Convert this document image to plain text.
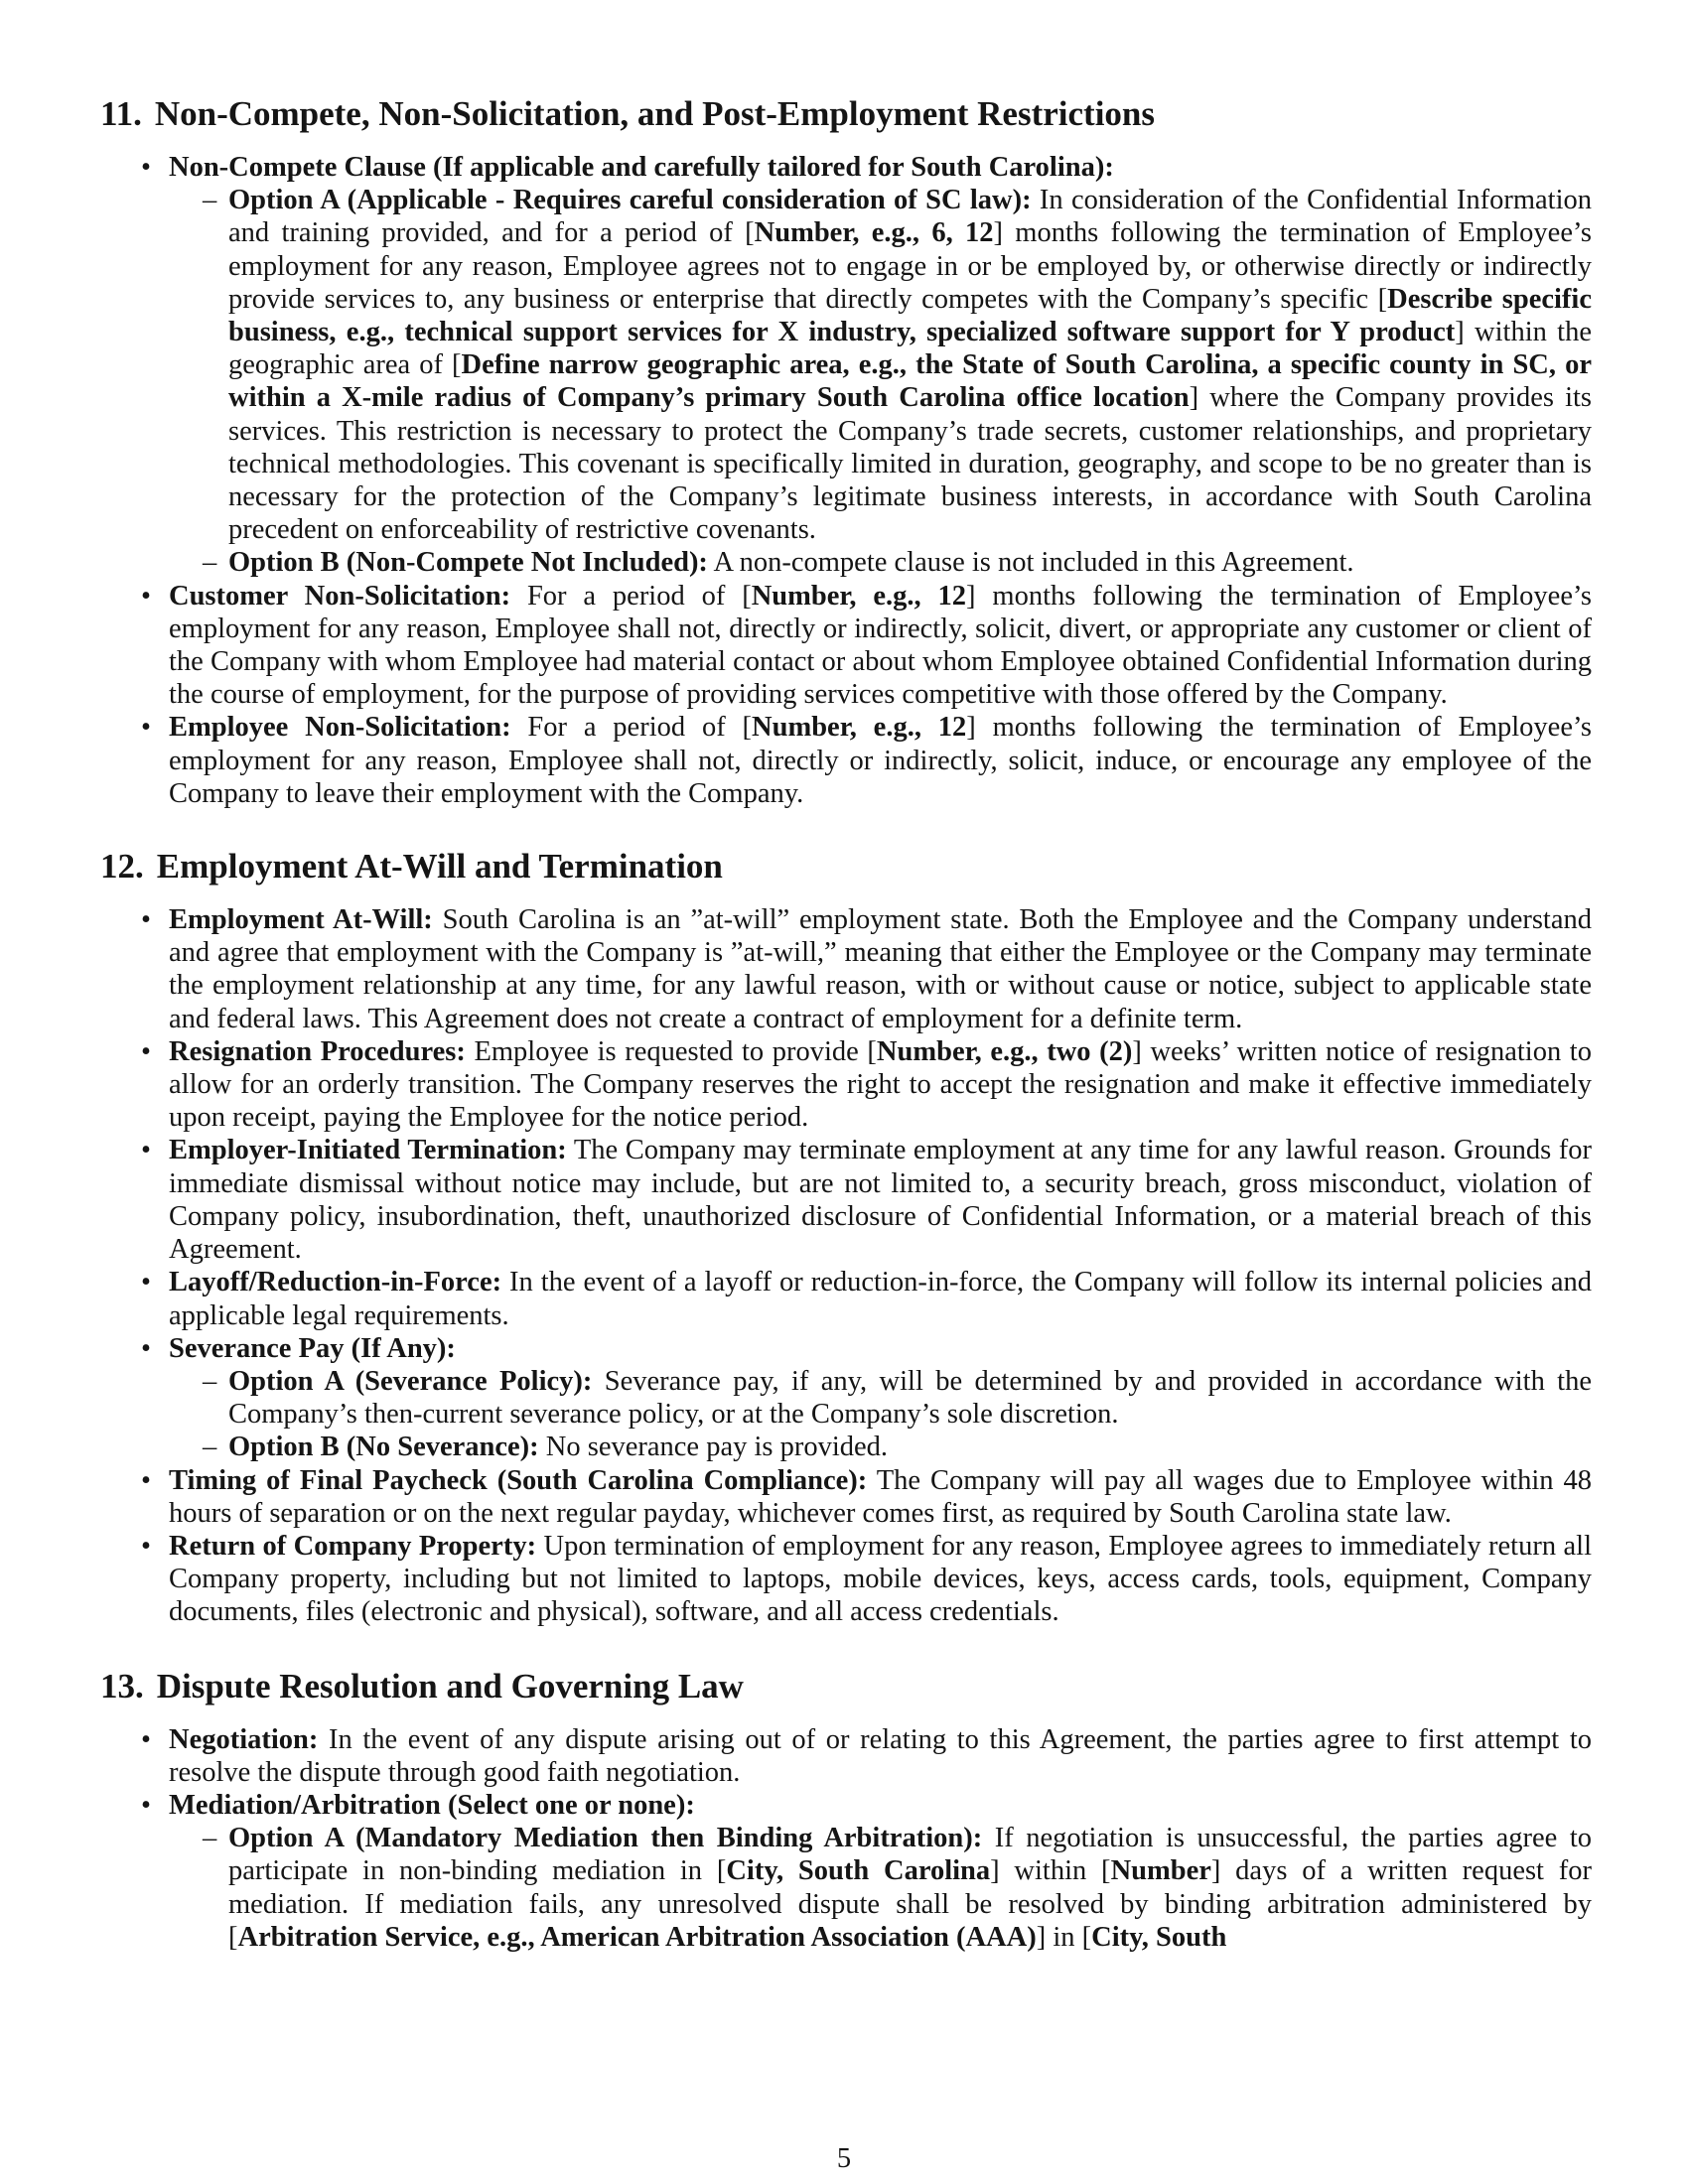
11. Non-Compete, Non-Solicitation, and Post-Employment Restrictions
• Non-Compete Clause (If applicable and carefully tailored for South Carolina):
– Option A (Applicable - Requires careful consideration of SC law): In consideration of the Confidential Information and training provided, and for a period of [Number, e.g., 6, 12] months following the termination of Employee’s employment for any reason, Employee agrees not to engage in or be employed by, or otherwise directly or indirectly provide services to, any business or enterprise that directly competes with the Company’s specific [Describe specific business, e.g., technical support services for X industry, specialized software support for Y product] within the geographic area of [Define narrow geographic area, e.g., the State of South Carolina, a specific county in SC, or within a X-mile radius of Company’s primary South Carolina office location] where the Company provides its services. This restriction is necessary to protect the Company’s trade secrets, customer relationships, and proprietary technical methodologies. This covenant is specifically limited in duration, geography, and scope to be no greater than is necessary for the protection of the Company’s legitimate business interests, in accordance with South Carolina precedent on enforceability of restrictive covenants.
– Option B (Non-Compete Not Included): A non-compete clause is not included in this Agreement.
• Customer Non-Solicitation: For a period of [Number, e.g., 12] months following the termination of Employee’s employment for any reason, Employee shall not, directly or indirectly, solicit, divert, or appropriate any customer or client of the Company with whom Employee had material contact or about whom Employee obtained Confidential Information during the course of employment, for the purpose of providing services competitive with those offered by the Company.
• Employee Non-Solicitation: For a period of [Number, e.g., 12] months following the termination of Employee’s employment for any reason, Employee shall not, directly or indirectly, solicit, induce, or encourage any employee of the Company to leave their employment with the Company.
12. Employment At-Will and Termination
• Employment At-Will: South Carolina is an ”at-will” employment state. Both the Employee and the Company understand and agree that employment with the Company is ”at-will,” meaning that either the Employee or the Company may terminate the employment relationship at any time, for any lawful reason, with or without cause or notice, subject to applicable state and federal laws. This Agreement does not create a contract of employment for a definite term.
• Resignation Procedures: Employee is requested to provide [Number, e.g., two (2)] weeks’ written notice of resignation to allow for an orderly transition. The Company reserves the right to accept the resignation and make it effective immediately upon receipt, paying the Employee for the notice period.
• Employer-Initiated Termination: The Company may terminate employment at any time for any lawful reason. Grounds for immediate dismissal without notice may include, but are not limited to, a security breach, gross misconduct, violation of Company policy, insubordination, theft, unauthorized disclosure of Confidential Information, or a material breach of this Agreement.
• Layoff/Reduction-in-Force: In the event of a layoff or reduction-in-force, the Company will follow its internal policies and applicable legal requirements.
• Severance Pay (If Any):
– Option A (Severance Policy): Severance pay, if any, will be determined by and provided in accordance with the Company’s then-current severance policy, or at the Company’s sole discretion.
– Option B (No Severance): No severance pay is provided.
• Timing of Final Paycheck (South Carolina Compliance): The Company will pay all wages due to Employee within 48 hours of separation or on the next regular payday, whichever comes first, as required by South Carolina state law.
• Return of Company Property: Upon termination of employment for any reason, Employee agrees to immediately return all Company property, including but not limited to laptops, mobile devices, keys, access cards, tools, equipment, Company documents, files (electronic and physical), software, and all access credentials.
13. Dispute Resolution and Governing Law
• Negotiation: In the event of any dispute arising out of or relating to this Agreement, the parties agree to first attempt to resolve the dispute through good faith negotiation.
• Mediation/Arbitration (Select one or none):
– Option A (Mandatory Mediation then Binding Arbitration): If negotiation is unsuccessful, the parties agree to participate in non-binding mediation in [City, South Carolina] within [Number] days of a written request for mediation. If mediation fails, any unresolved dispute shall be resolved by binding arbitration administered by [Arbitration Service, e.g., American Arbitration Association (AAA)] in [City, South
5
